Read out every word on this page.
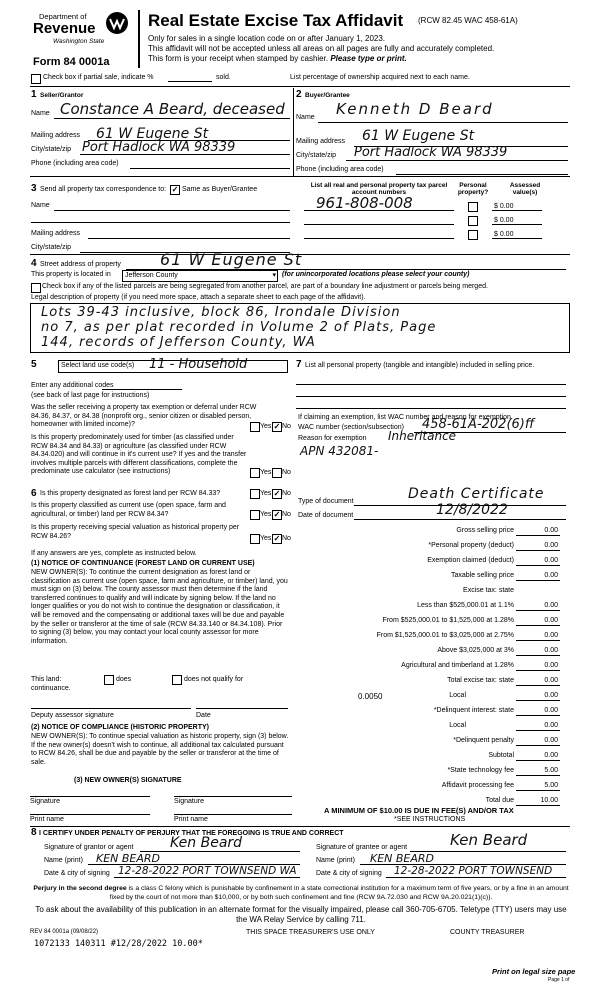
Department of
Revenue
Washington State
Form 84 0001a
Real Estate Excise Tax Affidavit (RCW 82.45 WAC 458-61A)
Only for sales in a single location code on or after January 1, 2023.
This affidavit will not be accepted unless all areas on all pages are fully and accurately completed.
This form is your receipt when stamped by cashier. Please type or print.
Check box if partial sale, indicate %	sold.	List percentage of ownership acquired next to each name.
1 Seller/Grantor
Name Constance A Beard, deceased
Mailing address 61 W Eugene St
City/state/zip Port Hadlock WA 98339
Phone (including area code)
2 Buyer/Grantee
Name Kenneth D Beard
Mailing address 61 W Eugene St
City/state/zip Port Hadlock WA 98339
Phone (including area code)
3 Send all property tax correspondence to: ✓ Same as Buyer/Grantee
Name
Mailing address
City/state/zip
List all real and personal property tax parcel account numbers
Personal property?
Assessed value(s)
961-808-008	$ 0.00
$ 0.00
$ 0.00
4 Street address of property 61 W Eugene St
This property is located in Jefferson County	▾ (for unincorporated locations please select your county)
Check box if any of the listed parcels are being segregated from another parcel, are part of a boundary line adjustment or parcels being merged.
Legal description of property (if you need more space, attach a separate sheet to each page of the affidavit).
Lots 39-43 inclusive, block 86, Irondale Division
no 7, as per plat recorded in Volume 2 of Plats, Page
144, records of Jefferson County, WA
5	Select land use code(s) 11 - Household
Enter any additional codes
(see back of last page for instructions)
Was the seller receiving a property tax exemption or deferral under RCW 84.36, 84.37, or 84.38 (nonprofit org., senior citizen or disabled person, homeowner with limited income)?	Yes ✓ No
Is this property predominately used for timber (as classified under RCW 84.34 and 84.33) or agriculture (as classified under RCW 84.34.020) and will continue in it's current use? If yes and the transfer involves multiple parcels with different classifications, complete the predominate use calculator (see instructions)	Yes No
7 List all personal property (tangible and intangible) included in selling price.
If claiming an exemption, list WAC number and reason for exemption.
WAC number (section/subsection) 458-61A-202(6)ff
Reason for exemption Inheritance
APN 432081-
6 Is this property designated as forest land per RCW 84.33?	Yes ✓ No
Is this property classified as current use (open space, farm and agricultural, or timber) land per RCW 84.34?	Yes ✓ No
Is this property receiving special valuation as historical property per RCW 84.26?	Yes ✓ No
If any answers are yes, complete as instructed below.
(1) NOTICE OF CONTINUANCE (FOREST LAND OR CURRENT USE)
NEW OWNER(S): To continue the current designation as forest land or classification as current use (open space, farm and agriculture, or timber) land, you must sign on (3) below. The county assessor must then determine if the land transferred continues to qualify and will indicate by signing below. If the land no longer qualifies or you do not wish to continue the designation or classification, it will be removed and the compensating or additional taxes will be due and payable by the seller or transferor at the time of sale (RCW 84.33.140 or 84.34.108). Prior to signing (3) below, you may contact your local county assessor for more information.
This land:	does	does not qualify for
continuance.
Deputy assessor signature	Date
(2) NOTICE OF COMPLIANCE (HISTORIC PROPERTY)
NEW OWNER(S): To continue special valuation as historic property, sign (3) below. If the new owner(s) doesn't wish to continue, all additional tax calculated pursuant to RCW 84.26, shall be due and payable by the seller or transferor at the time of sale.
(3) NEW OWNER(S) SIGNATURE
Signature	Signature
Print name	Print name
Type of document	Death Certificate
Date of document	12/8/2022
Gross selling price	0.00
*Personal property (deduct)	0.00
Exemption claimed (deduct)	0.00
Taxable selling price	0.00
Excise tax: state
Less than $525,000.01 at 1.1%	0.00
From $525,000.01 to $1,525,000 at 1.28%	0.00
From $1,525,000.01 to $3,025,000 at 2.75%	0.00
Above $3,025,000 at 3%	0.00
Agricultural and timberland at 1.28%	0.00
Total excise tax: state	0.00
0.0050	Local	0.00
*Delinquent interest: state	0.00
Local	0.00
*Delinquent penalty	0.00
Subtotal	0.00
*State technology fee	5.00
Affidavit processing fee	5.00
Total due	10.00
A MINIMUM OF $10.00 IS DUE IN FEE(S) AND/OR TAX
*SEE INSTRUCTIONS
8 I CERTIFY UNDER PENALTY OF PERJURY THAT THE FOREGOING IS TRUE AND CORRECT
Signature of grantor or agent	Ken Beard
Name (print) KEN BEARD
Date & city of signing 12-28-2022 PORT TOWNSEND WA
Signature of grantee or agent	Ken Beard
Name (print) KEN BEARD
Date & city of signing 12-28-2022 PORT TOWNSEND
Perjury in the second degree is a class C felony which is punishable by confinement in a state correctional institution for a maximum term of five years, or by a fine in an amount fixed by the court of not more than $10,000, or by both such confinement and fine (RCW 9A.72.030 and RCW 9A.20.021(1)(c)).
To ask about the availability of this publication in an alternate format for the visually impaired, please call 360-705-6705. Teletype (TTY) users may use the WA Relay Service by calling 711.
REV 84 0001a (09/08/22)	THIS SPACE TREASURER'S USE ONLY	COUNTY TREASURER
1072133 140311 #12/28/2022 10.00*
Print on legal size pape
Page 1 of
